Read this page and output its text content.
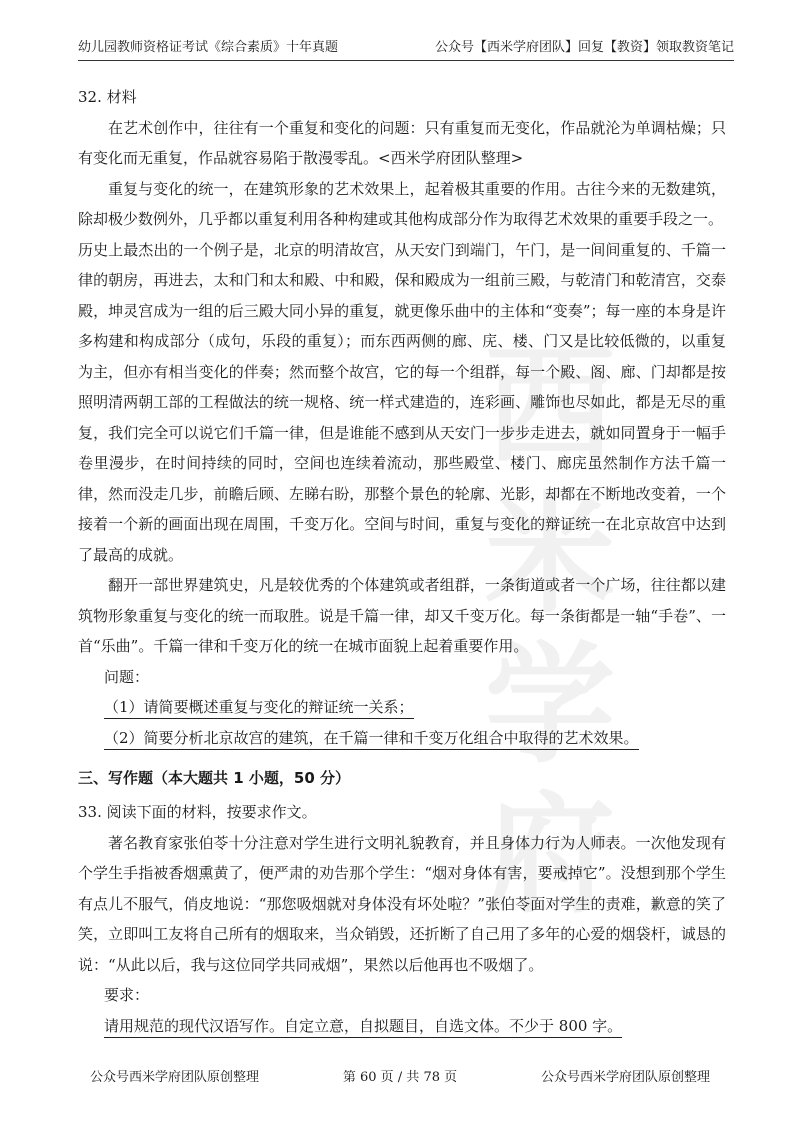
幼儿园教师资格证考试《综合素质》十年真题	公众号【西米学府团队】回复【教资】领取教资笔记
西米
学府

32. 材料

在艺术创作中，往往有一个重复和变化的问题：只有重复而无变化，作品就沦为单调枯燥；只有变化而无重复，作品就容易陷于散漫零乱。<西米学府团队整理>

重复与变化的统一，在建筑形象的艺术效果上，起着极其重要的作用。古往今来的无数建筑，除却极少数例外，几乎都以重复利用各种构建或其他构成部分作为取得艺术效果的重要手段之一。

历史上最杰出的一个例子是，北京的明清故宫，从天安门到端门，午门，是一间间重复的、千篇一律的朝房，再进去，太和门和太和殿、中和殿，保和殿成为一组前三殿，与乾清门和乾清宫，交泰殿，坤灵宫成为一组的后三殿大同小异的重复，就更像乐曲中的主体和“变奏”；每一座的本身是许多构建和构成部分（成句，乐段的重复）；而东西两侧的廊、庑、楼、门又是比较低微的，以重复为主，但亦有相当变化的伴奏；然而整个故宫，它的每一个组群，每一个殿、阁、廊、门却都是按照明清两朝工部的工程做法的统一规格、统一样式建造的，连彩画、雕饰也尽如此，都是无尽的重复，我们完全可以说它们千篇一律，但是谁能不感到从天安门一步步走进去，就如同置身于一幅手卷里漫步，在时间持续的同时，空间也连续着流动，那些殿堂、楼门、廊庑虽然制作方法千篇一律，然而没走几步，前瞻后顾、左睇右盼，那整个景色的轮廓、光影，却都在不断地改变着，一个接着一个新的画面出现在周围，千变万化。空间与时间，重复与变化的辩证统一在北京故宫中达到了最高的成就。

翻开一部世界建筑史，凡是较优秀的个体建筑或者组群，一条街道或者一个广场，往往都以建筑物形象重复与变化的统一而取胜。说是千篇一律，却又千变万化。每一条街都是一轴“手卷”、一首“乐曲”。千篇一律和千变万化的统一在城市面貌上起着重要作用。

问题：

（1）请简要概述重复与变化的辩证统一关系；

（2）简要分析北京故宫的建筑，在千篇一律和千变万化组合中取得的艺术效果。

三、写作题（本大题共 1 小题，50 分）

33. 阅读下面的材料，按要求作文。

著名教育家张伯苓十分注意对学生进行文明礼貌教育，并且身体力行为人师表。一次他发现有个学生手指被香烟熏黄了，便严肃的劝告那个学生：“烟对身体有害，要戒掉它”。没想到那个学生有点儿不服气，俏皮地说：“那您吸烟就对身体没有坏处啦？”张伯苓面对学生的责难，歉意的笑了笑，立即叫工友将自己所有的烟取来，当众销毁，还折断了自己用了多年的心爱的烟袋杆，诚恳的说：“从此以后，我与这位同学共同戒烟”，果然以后他再也不吸烟了。

要求：

请用规范的现代汉语写作。自定立意，自拟题目，自选文体。不少于 800 字。

公众号西米学府团队原创整理	第 60 页 / 共 78 页	公众号西米学府团队原创整理
